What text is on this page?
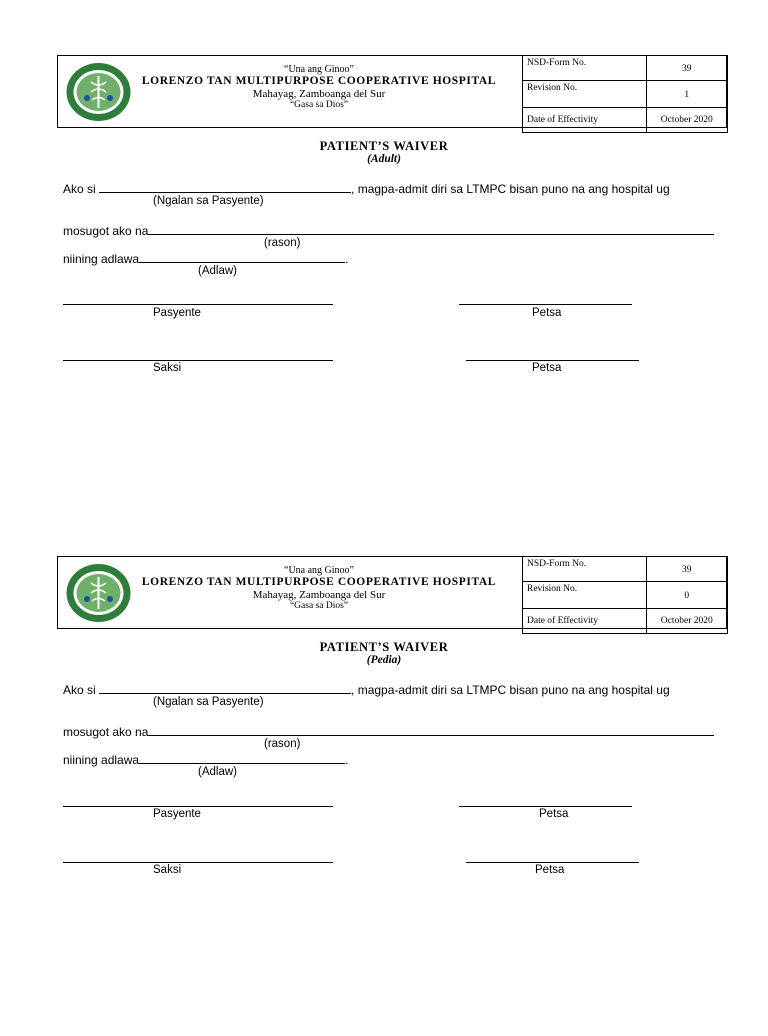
“Una ang Ginoo”
LORENZO TAN MULTIPURPOSE COOPERATIVE HOSPITAL
Mahayag, Zamboanga del Sur
“Gasa sa Dios”
NSD-Form No.	39
Revision No.	1
Date of Effectivity	October 2020
PATIENT’S WAIVER
(Adult)
Ako si	, magpa-admit diri sa LTMPC bisan puno na ang hospital ug
(Ngalan sa Pasyente)
mosugot ako na
(rason)
niining adlawa	.
(Adlaw)
Pasyente	Petsa
Saksi	Petsa
“Una ang Ginoo”
LORENZO TAN MULTIPURPOSE COOPERATIVE HOSPITAL
Mahayag, Zamboanga del Sur
“Gasa sa Dios”
NSD-Form No.	39
Revision No.	0
Date of Effectivity	October 2020
PATIENT’S WAIVER
(Pedia)
Ako si	, magpa-admit diri sa LTMPC bisan puno na ang hospital ug
(Ngalan sa Pasyente)
mosugot ako na
(rason)
niining adlawa	.
(Adlaw)
Pasyente	Petsa
Saksi	Petsa
